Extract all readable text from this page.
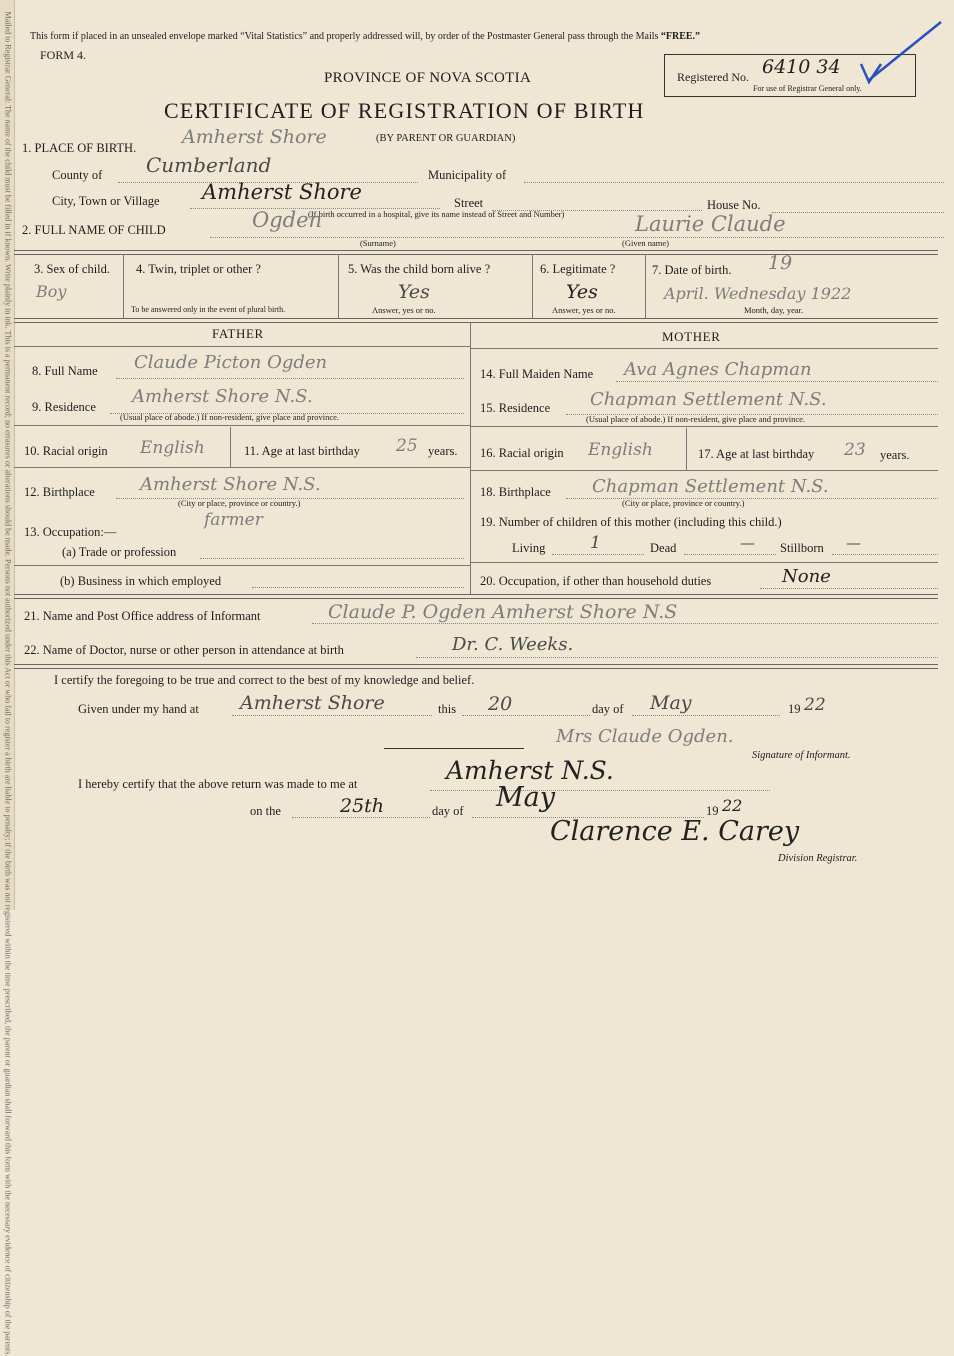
Mailed to Registrar General: The name of the child must be filled in if known. Write plainly in ink. This is a permanent record; no errasures or alterations should be made. Persons not authorized under this Act or who fail to register a birth are liable to penalty; if the birth was not registered within the time prescribed, the parent or guardian shall forward this form with the necessary evidence of citizenship of the parents. This form if placed in an unsealed envelope marked “Vital Statistics” and properly addressed will, by order of the Postmaster General pass through the Mails “FREE.”
FORM 4.
PROVINCE OF NOVA SCOTIA
CERTIFICATE OF REGISTRATION OF BIRTH
Registered No. 6410 34
For use of Registrar General only.
1. PLACE OF BIRTH. Amherst Shore	(BY PARENT OR GUARDIAN)
County of Cumberland	Municipality of
City, Town or Village Amherst Shore	Street	House No.
(If birth occurred in a hospital, give its name instead of Street and Number)
2. FULL NAME OF CHILD	Ogden
(Surname)
Laurie Claude
(Given name)
3. Sex of child.
Boy
4. Twin, triplet or other ?
To be answered only in the event of plural birth.
5. Was the child born alive ?
Yes
Answer, yes or no.
6. Legitimate ?
Yes
Answer, yes or no.
7. Date of birth. 19
April. Wednesday 1922
Month, day, year.
FATHER	MOTHER
8. Full Name Claude Picton Ogden
9. Residence Amherst Shore N.S.
(Usual place of abode.) If non-resident, give place and province.
10. Racial origin English	11. Age at last birthday 25 years.
12. Birthplace	Amherst Shore N.S.
(City or place, province or country.)
13. Occupation:—
farmer
(a) Trade or profession
(b) Business in which employed
14. Full Maiden Name Ava Agnes Chapman
15. Residence Chapman Settlement N.S.
(Usual place of abode.) If non-resident, give place and province.
16. Racial origin English	17. Age at last birthday 23 years.
18. Birthplace Chapman Settlement N.S.
(City or place, province or country.)
19. Number of children of this mother (including this child.)
Living	1	Dead	— Stillborn —
20. Occupation, if other than household duties	None
21. Name and Post Office address of Informant	Claude P. Ogden Amherst Shore N.S
22. Name of Doctor, nurse or other person in attendance at birth	Dr. C. Weeks.
I certify the foregoing to be true and correct to the best of my knowledge and belief.
Given under my hand at Amherst Shore	this 20	day of May	19 22
Mrs Claude Ogden.
Signature of Informant.
I hereby certify that the above return was made to me at	Amherst N.S.
on the	25th	day of May	19 22
Clarence E. Carey
Division Registrar.
